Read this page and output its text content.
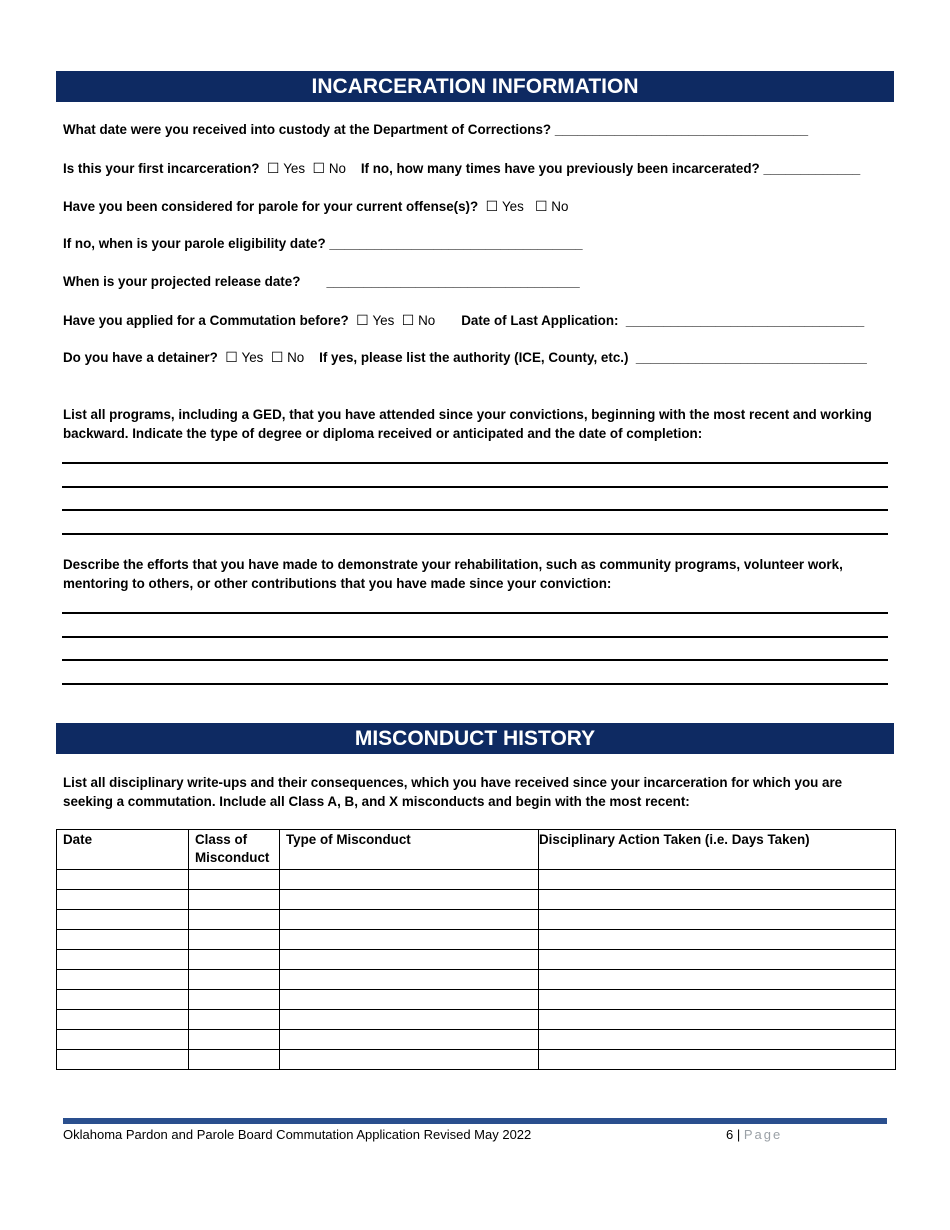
INCARCERATION INFORMATION
What date were you received into custody at the Department of Corrections? __________________________________
Is this your first incarceration? ☐ Yes ☐ No If no, how many times have you previously been incarcerated? _____________
Have you been considered for parole for your current offense(s)? ☐ Yes ☐ No
If no, when is your parole eligibility date? __________________________________
When is your projected release date? __________________________________
Have you applied for a Commutation before? ☐ Yes ☐ No Date of Last Application: ________________________________
Do you have a detainer? ☐ Yes ☐ No If yes, please list the authority (ICE, County, etc.) _______________________________
List all programs, including a GED, that you have attended since your convictions, beginning with the most recent and working backward. Indicate the type of degree or diploma received or anticipated and the date of completion:
Describe the efforts that you have made to demonstrate your rehabilitation, such as community programs, volunteer work, mentoring to others, or other contributions that you have made since your conviction:
MISCONDUCT HISTORY
List all disciplinary write-ups and their consequences, which you have received since your incarceration for which you are seeking a commutation. Include all Class A, B, and X misconducts and begin with the most recent:
Date	Class of Misconduct	Type of Misconduct	Disciplinary Action Taken (i.e. Days Taken)

Oklahoma Pardon and Parole Board Commutation Application Revised May 2022	6 | Page
